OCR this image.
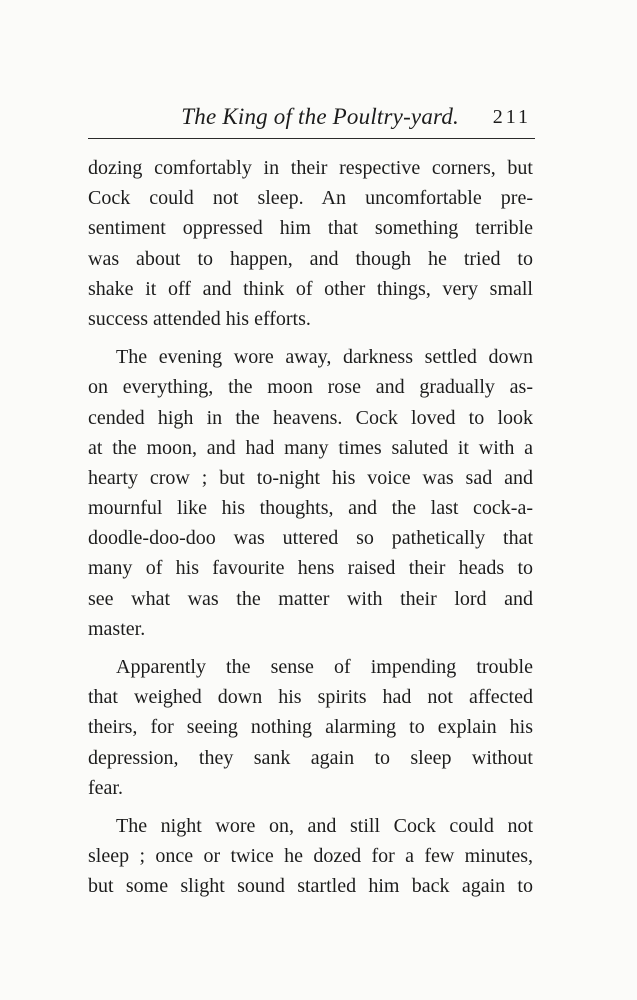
The King of the Poultry-yard. 211
dozing comfortably in their respective corners, but
Cock could not sleep. An uncomfortable pre-
sentiment oppressed him that something terrible
was about to happen, and though he tried to
shake it off and think of other things, very small
success attended his efforts.
The evening wore away, darkness settled down
on everything, the moon rose and gradually as-
cended high in the heavens. Cock loved to look
at the moon, and had many times saluted it with a
hearty crow ; but to-night his voice was sad and
mournful like his thoughts, and the last cock-a-
doodle-doo-doo was uttered so pathetically that
many of his favourite hens raised their heads to
see what was the matter with their lord and
master.
Apparently the sense of impending trouble
that weighed down his spirits had not affected
theirs, for seeing nothing alarming to explain his
depression, they sank again to sleep without
fear.
The night wore on, and still Cock could not
sleep ; once or twice he dozed for a few minutes,
but some slight sound startled him back again to
